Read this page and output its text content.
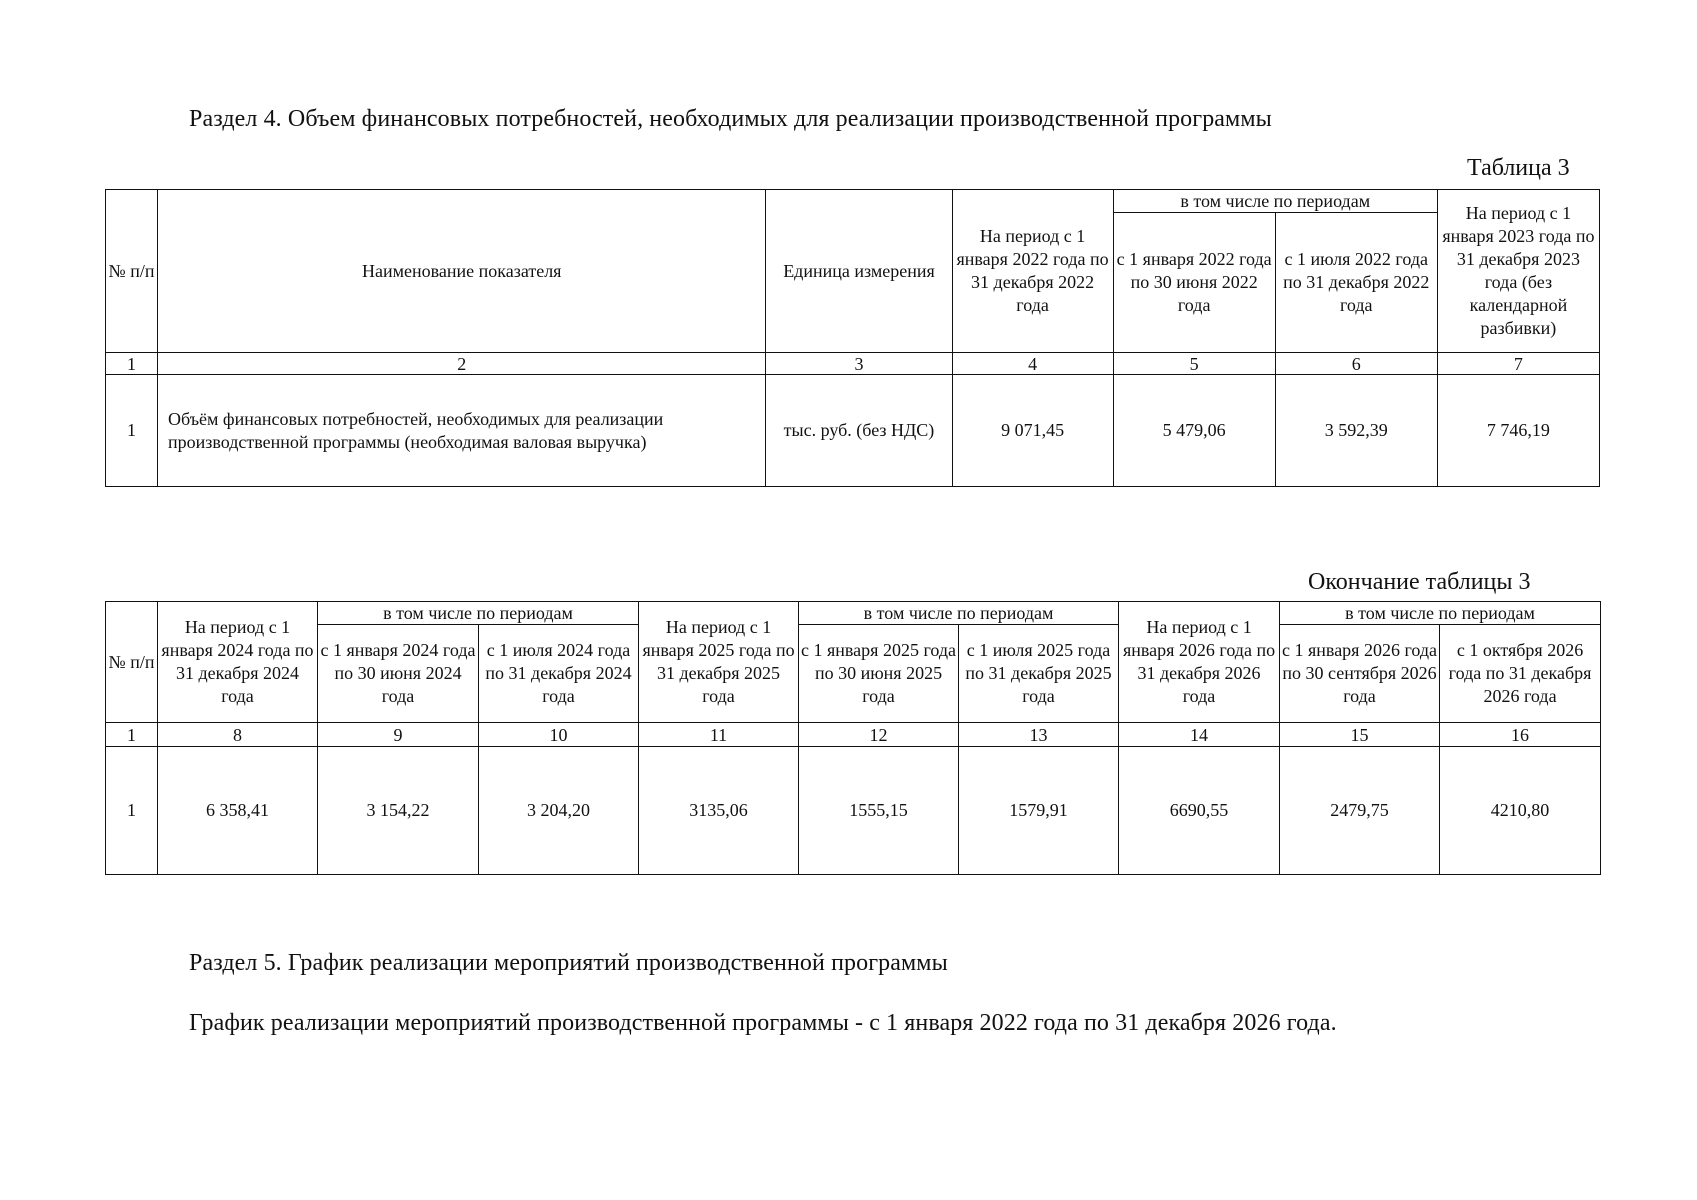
Раздел 4. Объем финансовых потребностей, необходимых для реализации производственной программы
Таблица 3
№ п/п	Наименование показателя	Единица измерения	На период с 1 января 2022 года по 31 декабря 2022 года	в том числе по периодам		На период с 1 января 2023 года по 31 декабря 2023 года (без календарной разбивки)
				с 1 января 2022 года по 30 июня 2022 года	с 1 июля 2022 года по 31 декабря 2022 года	
1	2	3	4	5	6	7
1	Объём финансовых потребностей, необходимых для реализации производственной программы (необходимая валовая выручка)	тыс. руб. (без НДС)	9 071,45	5 479,06	3 592,39	7 746,19
Окончание таблицы 3
№ п/п	На период с 1 января 2024 года по 31 декабря 2024 года	в том числе по периодам		На период с 1 января 2025 года по 31 декабря 2025 года	в том числе по периодам		На период с 1 января 2026 года по 31 декабря 2026 года	в том числе по периодам	
		с 1 января 2024 года по 30 июня 2024 года	с 1 июля 2024 года по 31 декабря 2024 года		с 1 января 2025 года по 30 июня 2025 года	с 1 июля 2025 года по 31 декабря 2025 года		с 1 января 2026 года по 30 сентября 2026 года	с 1 октября 2026 года по 31 декабря 2026 года
1	8	9	10	11	12	13	14	15	16
1	6 358,41	3 154,22	3 204,20	3135,06	1555,15	1579,91	6690,55	2479,75	4210,80
Раздел 5. График реализации мероприятий производственной программы
График реализации мероприятий производственной программы - с 1 января 2022 года по 31 декабря 2026 года.
